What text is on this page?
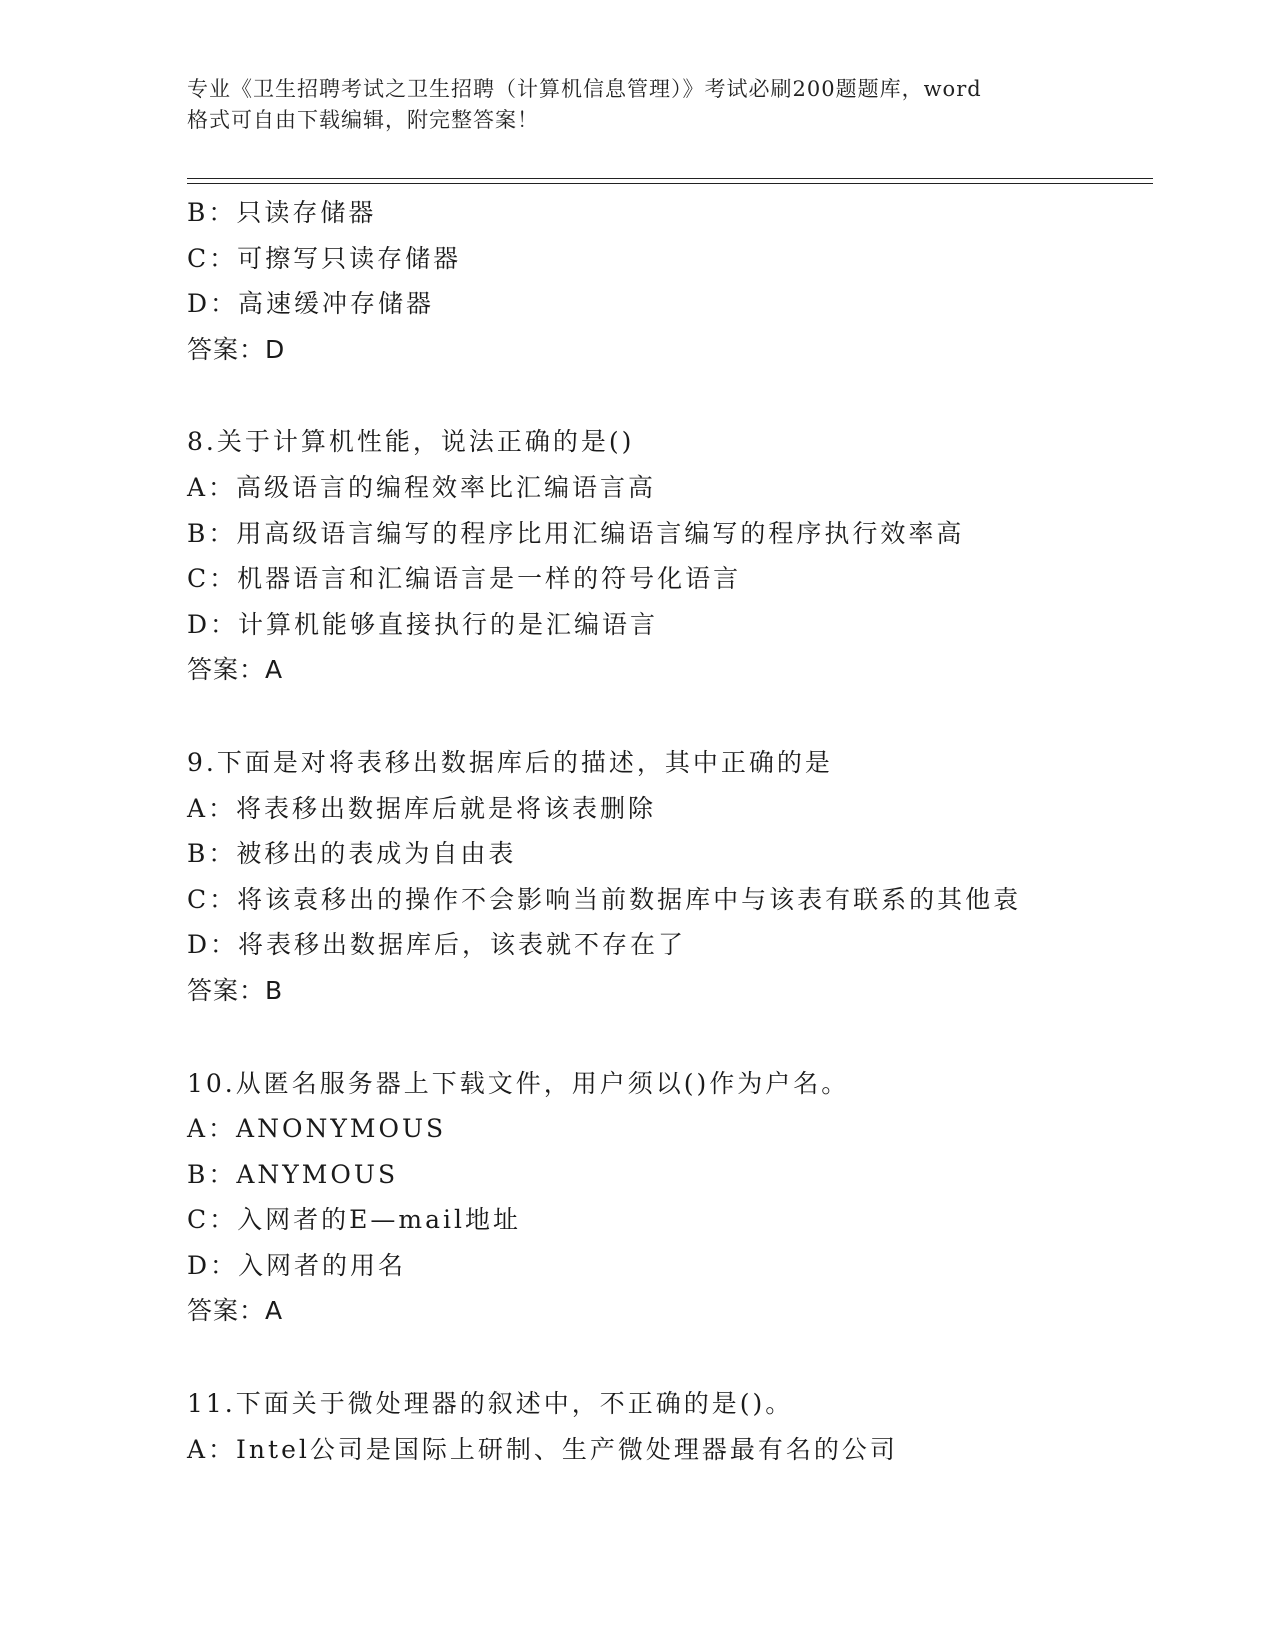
专业《卫生招聘考试之卫生招聘（计算机信息管理）》考试必刷200题题库，word
格式可自由下载编辑，附完整答案！
B：只读存储器
C：可擦写只读存储器
D：高速缓冲存储器
答案：D
8.关于计算机性能，说法正确的是()
A：高级语言的编程效率比汇编语言高
B：用高级语言编写的程序比用汇编语言编写的程序执行效率高
C：机器语言和汇编语言是一样的符号化语言
D：计算机能够直接执行的是汇编语言
答案：A
9.下面是对将表移出数据库后的描述，其中正确的是
A：将表移出数据库后就是将该表删除
B：被移出的表成为自由表
C：将该袁移出的操作不会影响当前数据库中与该表有联系的其他袁
D：将表移出数据库后，该表就不存在了
答案：B
10.从匿名服务器上下载文件，用户须以()作为户名。
A：ANONYMOUS
B：ANYMOUS
C：入网者的E—mail地址
D：入网者的用名
答案：A
11.下面关于微处理器的叙述中，不正确的是()。
A：Intel公司是国际上研制、生产微处理器最有名的公司
